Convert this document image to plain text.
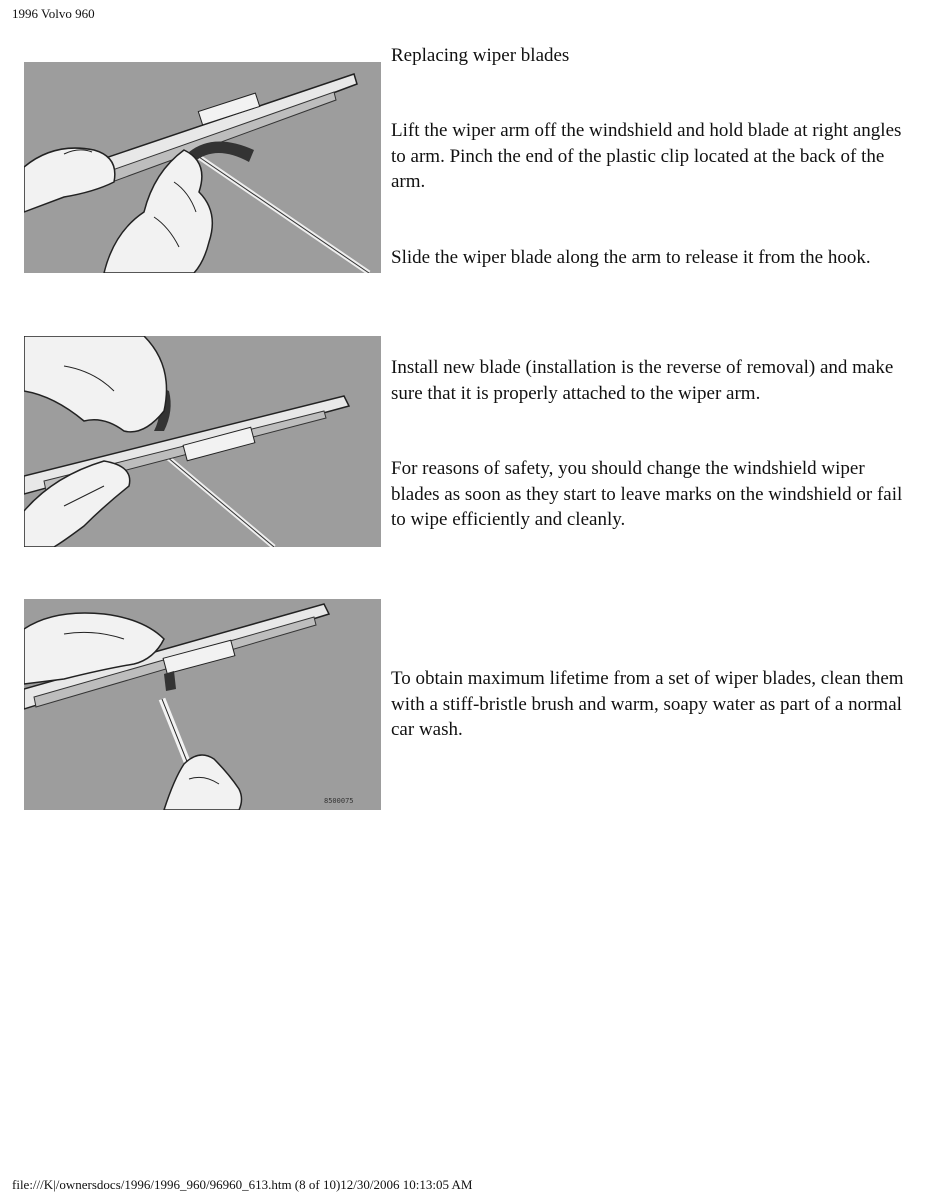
1996 Volvo 960
8500075

Replacing wiper blades

Lift the wiper arm off the windshield and hold blade at right angles to arm. Pinch the end of the plastic clip located at the back of the arm.

Slide the wiper blade along the arm to release it from the hook.

Install new blade (installation is the reverse of removal) and make sure that it is properly attached to the wiper arm.

For reasons of safety, you should change the windshield wiper blades as soon as they start to leave marks on the windshield or fail to wipe efficiently and cleanly.

To obtain maximum lifetime from a set of wiper blades, clean them with a stiff-bristle brush and warm, soapy water as part of a normal car wash.

file:///K|/ownersdocs/1996/1996_960/96960_613.htm (8 of 10)12/30/2006 10:13:05 AM
